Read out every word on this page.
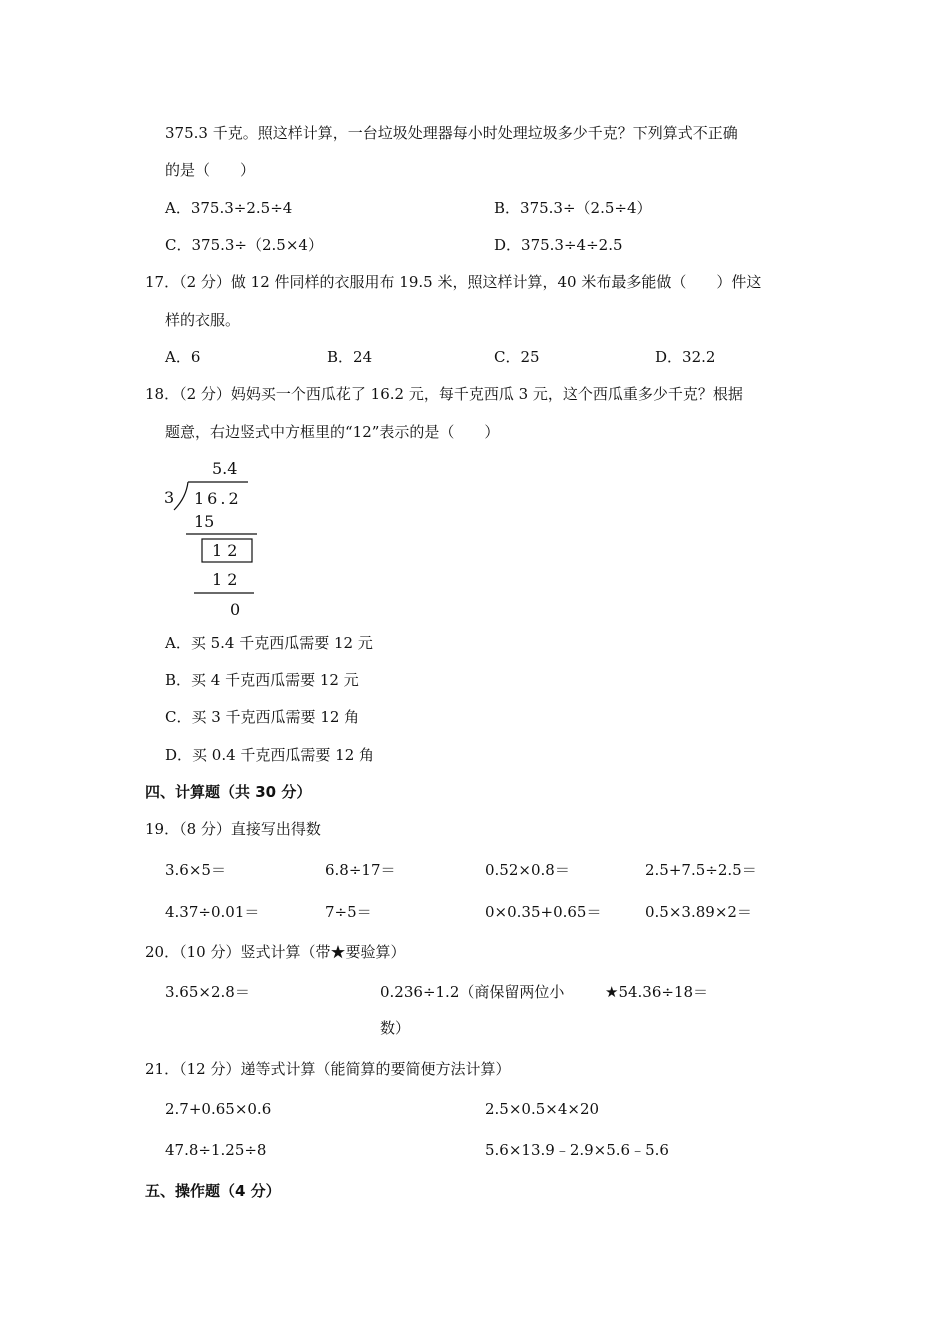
375.3 千克。照这样计算，一台垃圾处理器每小时处理垃圾多少千克？下列算式不正确
的是（　　）
A．375.3÷2.5÷4	B．375.3÷（2.5÷4）
C．375.3÷（2.5×4）	D．375.3÷4÷2.5
17．（2 分）做 12 件同样的衣服用布 19.5 米，照这样计算，40 米布最多能做（　　）件这
样的衣服。
A．6	B．24	C．25	D．32.2
18．（2 分）妈妈买一个西瓜花了 16.2 元，每千克西瓜 3 元，这个西瓜重多少千克？根据
题意，右边竖式中方框里的“12”表示的是（　　）
5.4
3 16.2
15
1 2
1 2
0
A．买 5.4 千克西瓜需要 12 元
B．买 4 千克西瓜需要 12 元
C．买 3 千克西瓜需要 12 角
D．买 0.4 千克西瓜需要 12 角
四、计算题（共 30 分）
19．（8 分）直接写出得数
3.6×5＝	6.8÷17＝	0.52×0.8＝	2.5+7.5÷2.5＝
4.37÷0.01＝	7÷5＝	0×0.35+0.65＝	0.5×3.89×2＝
20．（10 分）竖式计算（带★要验算）
3.65×2.8＝	0.236÷1.2（商保留两位小
数）
★54.36÷18＝
21．（12 分）递等式计算（能简算的要简便方法计算）
2.7+0.65×0.6	2.5×0.5×4×20
47.8÷1.25÷8	5.6×13.9﹣2.9×5.6﹣5.6
五、操作题（4 分）
